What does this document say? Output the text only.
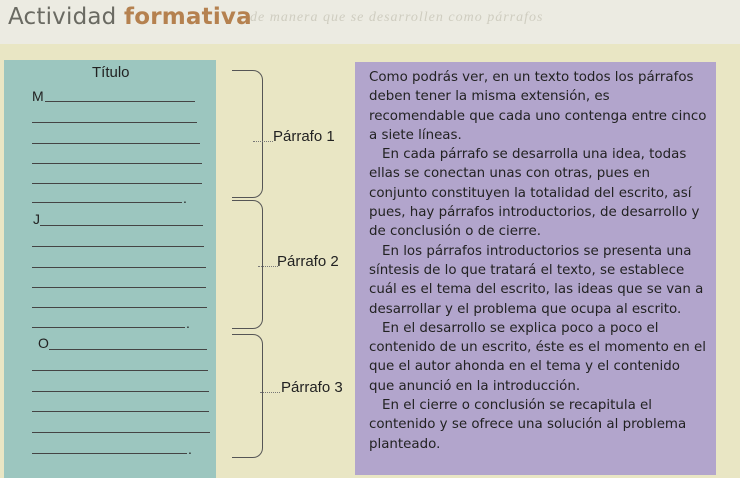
Actividad formativa
de manera que se desarrollen como párrafos
Título
M
.
J
.
O
.
Párrafo 1
Párrafo 2
Párrafo 3

Como podrás ver, en un texto todos los párrafos deben tener la misma extensión, es recomendable que cada uno contenga entre cinco a siete líneas.

En cada párrafo se desarrolla una idea, todas ellas se conectan unas con otras, pues en conjunto constituyen la totalidad del escrito, así pues, hay párrafos introductorios, de desarrollo y de conclusión o de cierre.

En los párrafos introductorios se presenta una síntesis de lo que tratará el texto, se establece cuál es el tema del escrito, las ideas que se van a desarrollar y el problema que ocupa al escrito.

En el desarrollo se explica poco a poco el contenido de un escrito, éste es el momento en el que el autor ahonda en el tema y el contenido que anunció en la introducción.

En el cierre o conclusión se recapitula el contenido y se ofrece una solución al problema planteado.
